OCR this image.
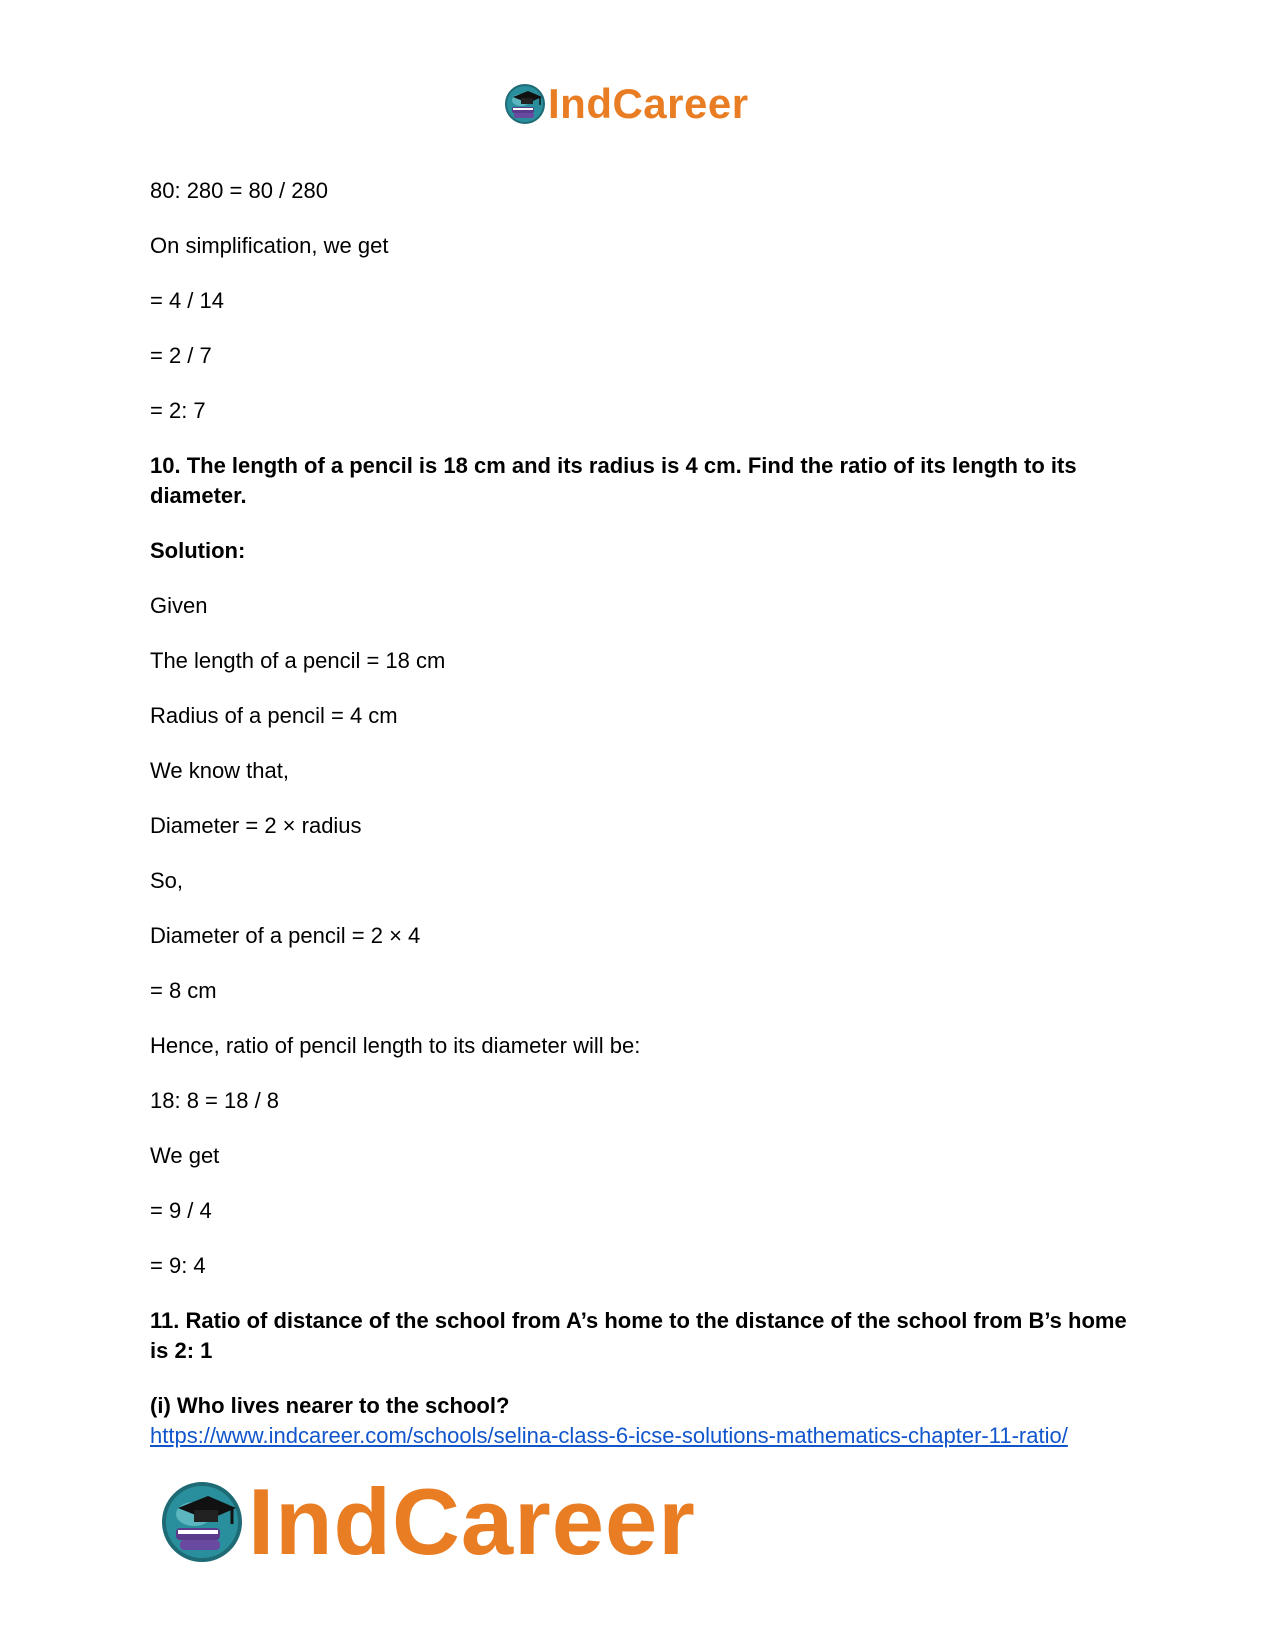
IndCareer
80: 280 = 80 / 280
On simplification, we get
= 4 / 14
= 2 / 7
= 2: 7
10. The length of a pencil is 18 cm and its radius is 4 cm. Find the ratio of its length to its diameter.
Solution:
Given
The length of a pencil = 18 cm
Radius of a pencil = 4 cm
We know that,
Diameter = 2 × radius
So,
Diameter of a pencil = 2 × 4
= 8 cm
Hence, ratio of pencil length to its diameter will be:
18: 8 = 18 / 8
We get
= 9 / 4
= 9: 4
11. Ratio of distance of the school from A’s home to the distance of the school from B’s home is 2: 1
(i) Who lives nearer to the school?
https://www.indcareer.com/schools/selina-class-6-icse-solutions-mathematics-chapter-11-ratio/
IndCareer
